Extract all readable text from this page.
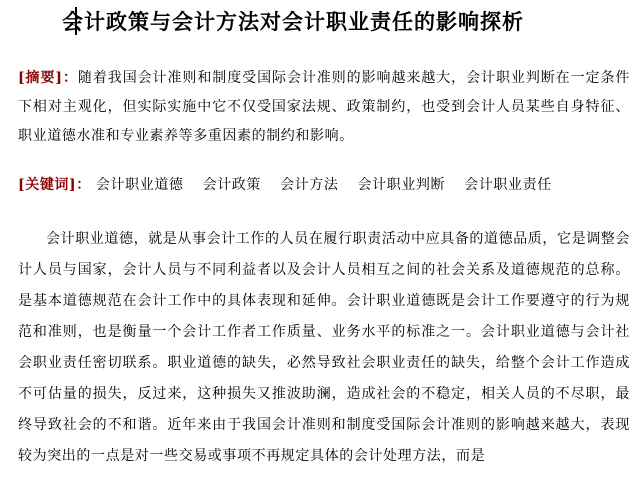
会计政策与会计方法对会计职业责任的影响探析
[摘要]：随着我国会计准则和制度受国际会计准则的影响越来越大，会计职业判断在一定条件下相对主观化，但实际实施中它不仅受国家法规、政策制约，也受到会计人员某些自身特征、职业道德水准和专业素养等多重因素的制约和影响。
[关键词]： 会计职业道德 会计政策 会计方法 会计职业判断 会计职业责任
会计职业道德，就是从事会计工作的人员在履行职责活动中应具备的道德品质，它是调整会计人员与国家，会计人员与不同利益者以及会计人员相互之间的社会关系及道德规范的总称。是基本道德规范在会计工作中的具体表现和延伸。会计职业道德既是会计工作要遵守的行为规范和准则，也是衡量一个会计工作者工作质量、业务水平的标准之一。会计职业道德与会计社会职业责任密切联系。职业道德的缺失，必然导致社会职业责任的缺失，给整个会计工作造成不可估量的损失，反过来，这种损失又推波助澜，造成社会的不稳定，相关人员的不尽职，最终导致社会的不和谐。近年来由于我国会计准则和制度受国际会计准则的影响越来越大，表现较为突出的一点是对一些交易或事项不再规定具体的会计处理方法，而是
